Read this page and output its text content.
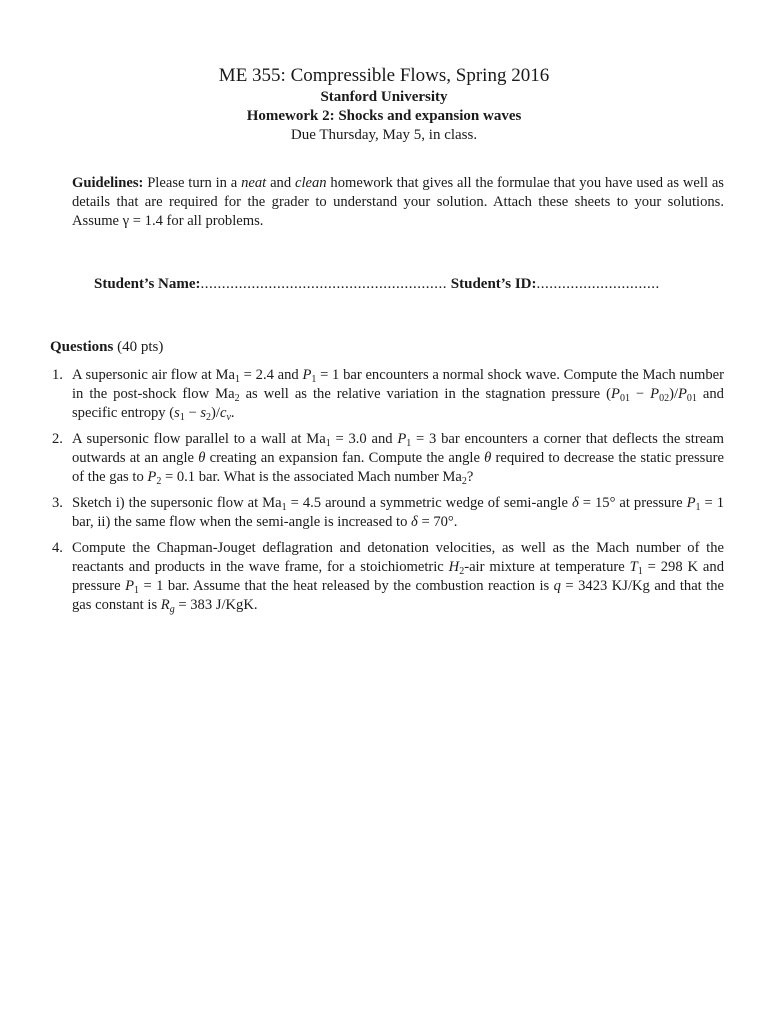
ME 355: Compressible Flows, Spring 2016

Stanford University

Homework 2: Shocks and expansion waves

Due Thursday, May 5, in class.

Guidelines: Please turn in a neat and clean homework that gives all the formulae that you have used as well as details that are required for the grader to understand your solution. Attach these sheets to your solutions. Assume γ = 1.4 for all problems.
Student’s Name:.......................................................... Student’s ID:.............................
Questions (40 pts)
1. A supersonic air flow at $Ma_1 = 2.4$ and $P_1 = 1$ bar encounters a normal shock wave. Compute the Mach number in the post-shock flow $Ma_2$ as well as the relative variation in the stagnation pressure $(P_{01} - P_{02})/P_{01}$ and specific entropy $(s_1 - s_2)/c_v$.
2. A supersonic flow parallel to a wall at $Ma_1 = 3.0$ and $P_1 = 3$ bar encounters a corner that deflects the stream outwards at an angle θ creating an expansion fan. Compute the angle θ required to decrease the static pressure of the gas to $P_2 = 0.1$ bar. What is the associated Mach number $Ma_2$?
3. Sketch i) the supersonic flow at $Ma_1 = 4.5$ around a symmetric wedge of semi-angle δ = 15° at pressure $P_1 = 1$ bar, ii) the same flow when the semi-angle is increased to δ = 70°.
4. Compute the Chapman-Jouget deflagration and detonation velocities, as well as the Mach number of the reactants and products in the wave frame, for a stoichiometric $H_2$-air mixture at temperature $T_1 = 298$ K and pressure $P_1 = 1$ bar. Assume that the heat released by the combustion reaction is q = 3423 KJ/Kg and that the gas constant is $R_g = 383$ J/KgK.
